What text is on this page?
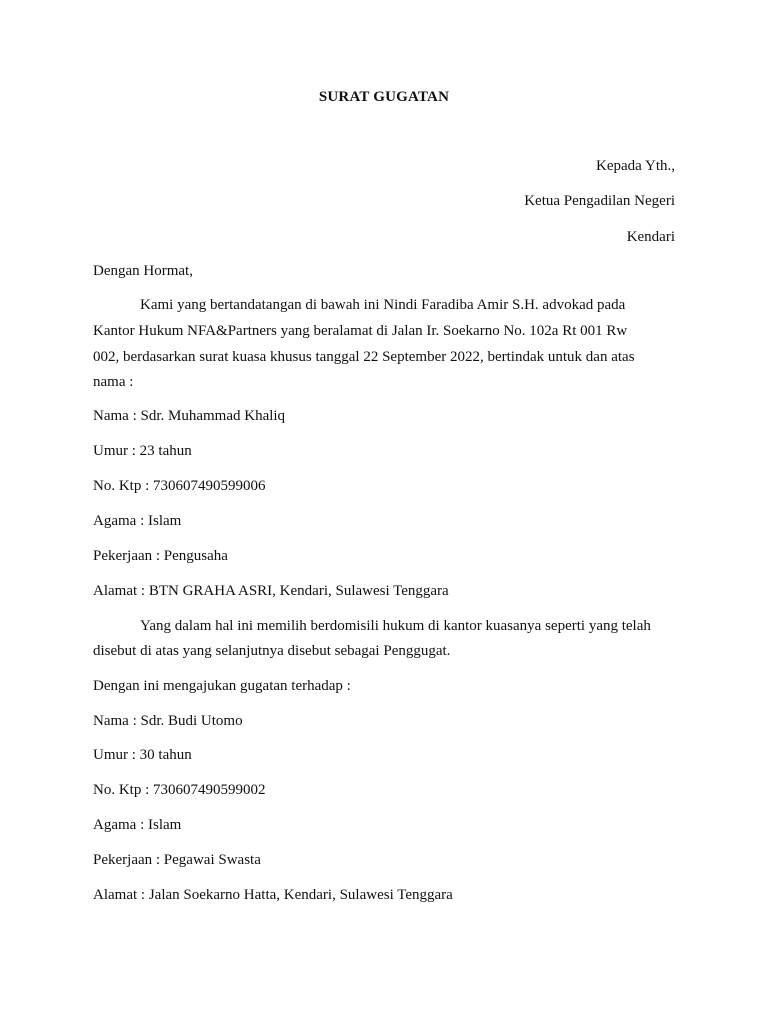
SURAT GUGATAN
Kepada Yth.,
Ketua Pengadilan Negeri
Kendari
Dengan Hormat,
Kami yang bertandatangan di bawah ini Nindi Faradiba Amir S.H. advokad pada
Kantor Hukum NFA&Partners yang beralamat di Jalan Ir. Soekarno No. 102a Rt 001 Rw
002, berdasarkan surat kuasa khusus tanggal 22 September 2022, bertindak untuk dan atas
nama :
Nama : Sdr. Muhammad Khaliq
Umur : 23 tahun
No. Ktp : 730607490599006
Agama : Islam
Pekerjaan : Pengusaha
Alamat : BTN GRAHA ASRI, Kendari, Sulawesi Tenggara
Yang dalam hal ini memilih berdomisili hukum di kantor kuasanya seperti yang telah
disebut di atas yang selanjutnya disebut sebagai Penggugat.
Dengan ini mengajukan gugatan terhadap :
Nama : Sdr. Budi Utomo
Umur : 30 tahun
No. Ktp : 730607490599002
Agama : Islam
Pekerjaan : Pegawai Swasta
Alamat : Jalan Soekarno Hatta, Kendari, Sulawesi Tenggara
